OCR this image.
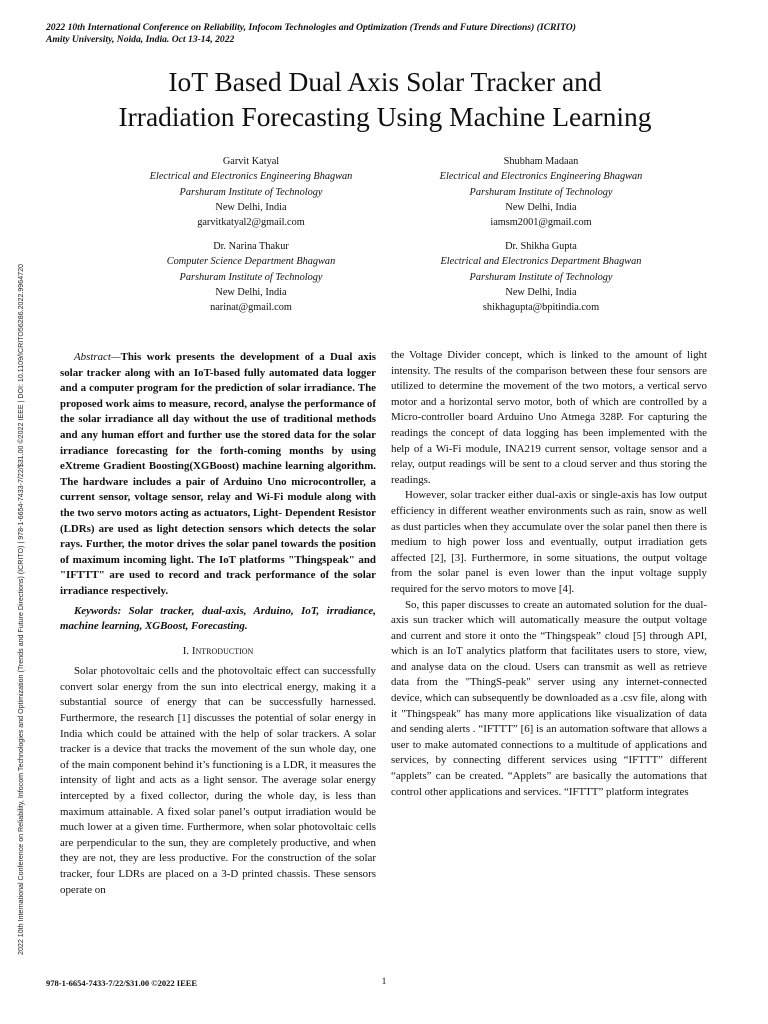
2022 10th International Conference on Reliability, Infocom Technologies and Optimization (Trends and Future Directions) (ICRITO)
Amity University, Noida, India. Oct 13-14, 2022
2022 10th International Conference on Reliability, Infocom Technologies and Optimization (Trends and Future Directions) (ICRITO) | 978-1-6654-7433-7/22/$31.00 ©2022 IEEE | DOI: 10.1109/ICRITO56286.2022.9964720
IoT Based Dual Axis Solar Tracker and
Irradiation Forecasting Using Machine Learning
Garvit Katyal
Electrical and Electronics Engineering Bhagwan
Parshuram Institute of Technology
New Delhi, India
garvitkatyal2@gmail.com
Shubham Madaan
Electrical and Electronics Engineering Bhagwan
Parshuram Institute of Technology
New Delhi, India
iamsm2001@gmail.com
Dr. Narina Thakur
Computer Science Department Bhagwan
Parshuram Institute of Technology
New Delhi, India
narinat@gmail.com
Dr. Shikha Gupta
Electrical and Electronics Department Bhagwan
Parshuram Institute of Technology
New Delhi, India
shikhagupta@bpitindia.com

Abstract—This work presents the development of a Dual axis solar tracker along with an IoT-based fully automated data logger and a computer program for the prediction of solar irradiance. The proposed work aims to measure, record, analyse the performance of the solar irradiance all day without the use of traditional methods and any human effort and further use the stored data for the solar irradiance forecasting for the forth-coming months by using eXtreme Gradient Boosting(XGBoost) machine learning algorithm. The hardware includes a pair of Arduino Uno microcontroller, a current sensor, voltage sensor, relay and Wi-Fi module along with the two servo motors acting as actuators, Light- Dependent Resistor (LDRs) are used as light detection sensors which detects the solar rays. Further, the motor drives the solar panel towards the position of maximum incoming light. The IoT platforms "Thingspeak" and "IFTTT" are used to record and track performance of the solar irradiance respectively.

Keywords: Solar tracker, dual-axis, Arduino, IoT, irradiance, machine learning, XGBoost, Forecasting.

I. Introduction

Solar photovoltaic cells and the photovoltaic effect can successfully convert solar energy from the sun into electrical energy, making it a substantial source of energy that can be successfully harnessed. Furthermore, the research [1] discusses the potential of solar energy in India which could be attained with the help of solar trackers. A solar tracker is a device that tracks the movement of the sun whole day, one of the main component behind it’s functioning is a LDR, it measures the intensity of light and acts as a light sensor. The average solar energy intercepted by a fixed collector, during the whole day, is less than maximum attainable. A fixed solar panel’s output irradiation would be much lower at a given time. Furthermore, when solar photovoltaic cells are perpendicular to the sun, they are completely productive, and when they are not, they are less productive. For the construction of the solar tracker, four LDRs are placed on a 3-D printed chassis. These sensors operate on

the Voltage Divider concept, which is linked to the amount of light intensity. The results of the comparison between these four sensors are utilized to determine the movement of the two motors, a vertical servo motor and a horizontal servo motor, both of which are controlled by a Micro-controller board Arduino Uno Atmega 328P. For capturing the readings the concept of data logging has been implemented with the help of a Wi-Fi module, INA219 current sensor, voltage sensor and a relay, output readings will be sent to a cloud server and thus storing the readings.

However, solar tracker either dual-axis or single-axis has low output efficiency in different weather environments such as rain, snow as well as dust particles when they accumulate over the solar panel then there is medium to high power loss and eventually, output irradiation gets affected [2], [3]. Furthermore, in some situations, the output voltage from the solar panel is even lower than the input voltage supply required for the servo motors to move [4].

So, this paper discusses to create an automated solution for the dual-axis sun tracker which will automatically measure the output voltage and current and store it onto the “Thingspeak” cloud [5] through API, which is an IoT analytics platform that facilitates users to store, view, and analyse data on the cloud. Users can transmit as well as retrieve data from the "ThingS-peak" server using any internet-connected device, which can subsequently be downloaded as a .csv file, along with it "Thingspeak" has many more applications like visualization of data and sending alerts . “IFTTT” [6] is an automation software that allows a user to make automated connections to a multitude of applications and services, by connecting different services using “IFTTT” different “applets” can be created. “Applets” are basically the automations that control other applications and services. “IFTTT” platform integrates

978-1-6654-7433-7/22/$31.00 ©2022 IEEE	1
